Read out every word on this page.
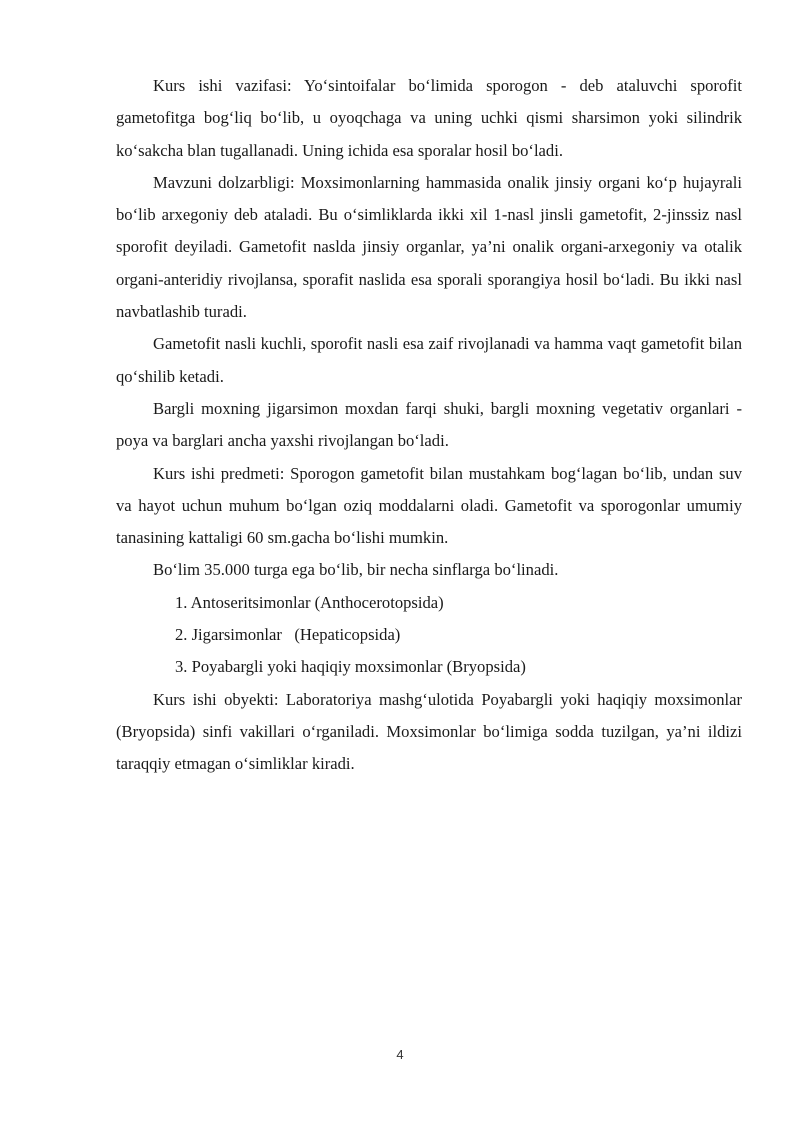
Kurs ishi vazifasi: Yo‘sintoifalar bo‘limida sporogon - deb ataluvchi sporofit gametofitga bog‘liq bo‘lib, u oyoqchaga va uning uchki qismi sharsimon yoki silindrik ko‘sakcha blan tugallanadi. Uning ichida esa sporalar hosil bo‘ladi.

Mavzuni dolzarbligi: Moxsimonlarning hammasida onalik jinsiy organi ko‘p hujayrali bo‘lib arxegoniy deb ataladi. Bu o‘simliklarda ikki xil 1-nasl jinsli gametofit, 2-jinssiz nasl sporofit deyiladi. Gametofit naslda jinsiy organlar, ya’ni onalik organi-arxegoniy va otalik organi-anteridiy rivojlansa, sporafit naslida esa sporali sporangiya hosil bo‘ladi. Bu ikki nasl navbatlashib turadi.

Gametofit nasli kuchli, sporofit nasli esa zaif rivojlanadi va hamma vaqt gametofit bilan qo‘shilib ketadi.

Bargli moxning jigarsimon moxdan farqi shuki, bargli moxning vegetativ organlari - poya va barglari ancha yaxshi rivojlangan bo‘ladi.

Kurs ishi predmeti: Sporogon gametofit bilan mustahkam bog‘lagan bo‘lib, undan suv va hayot uchun muhum bo‘lgan oziq moddalarni oladi. Gametofit va sporogonlar umumiy tanasining kattaligi 60 sm.gacha bo‘lishi mumkin.

Bo‘lim 35.000 turga ega bo‘lib, bir necha sinflarga bo‘linadi.

1. Antoseritsimonlar (Anthocerotopsida)
2. Jigarsimonlar   (Hepaticopsida)
3. Poyabargli yoki haqiqiy moxsimonlar (Bryopsida)

Kurs ishi obyekti: Laboratoriya mashg‘ulotida Poyabargli yoki haqiqiy moxsimonlar (Bryopsida) sinfi vakillari o‘rganiladi. Moxsimonlar bo‘limiga sodda tuzilgan, ya’ni ildizi taraqqiy etmagan o‘simliklar kiradi.

4
